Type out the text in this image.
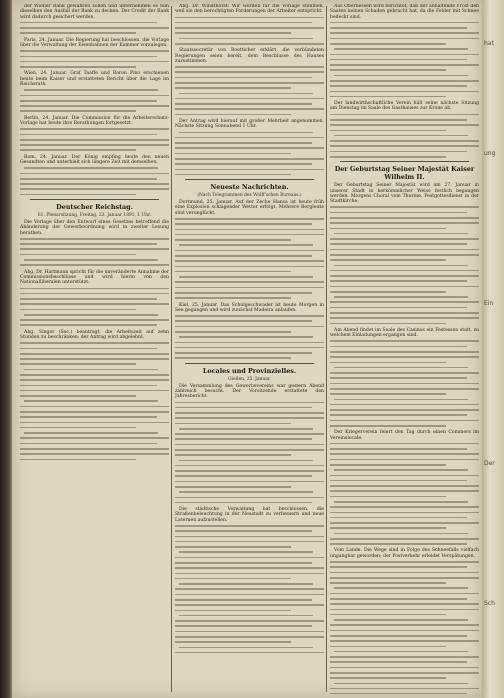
der Wiener Bank gewähren sollen und unternehmen es nun dieselben den Ausfall der Bank zu decken. Der Credit der Bank wird dadurch gesichert werden.

Paris, 24. Januar. Die Regierung hat beschlossen, die Vorlage über die Verwaltung der Eisenbahnen der Kammer vorzulegen.

Wien, 24. Januar. Graf Taaffe und Baron Pino erschienen heute beim Kaiser und erstatteten Bericht über die Lage im Reichsrath.

Berlin, 24. Januar. Die Commission für die Arbeiterschutz-Vorlage hat heute ihre Berathungen fortgesetzt.

Rom, 24. Januar. Der König empfing heute den neuen Gesandten und unterhielt sich längere Zeit mit demselben.

Deutscher Reichstag.
61. Plenarsitzung, Freitag, 23. Januar 1891, 1 Uhr.

Die Vorlage über den Entwurf eines Gesetzes betreffend die Abänderung der Gewerbeordnung wird in zweiter Lesung berathen.

Abg. Dr. Hartmann spricht für die unveränderte Annahme der Commissionsbeschlüsse und wird hierin von den Nationalliberalen unterstützt.

Abg. Singer (Soc.) beantragt, die Arbeitszeit auf zehn Stunden zu beschränken; der Antrag wird abgelehnt.

Abg. Dr. Windthorst: Wir werden für die Vorlage stimmen, weil sie den berechtigten Forderungen der Arbeiter entspricht.

Staatssecretär von Boetticher erklärt, die verbündeten Regierungen seien bereit, dem Beschlusse des Hauses zuzustimmen.

Der Antrag wird hierauf mit großer Mehrheit angenommen. Nächste Sitzung Sonnabend 1 Uhr.

Neueste Nachrichten.
(Nach Telegrammen des Wolff'schen Bureaus.)

Dortmund, 25. Januar. Auf der Zeche Hansa ist heute früh eine Explosion schlagender Wetter erfolgt. Mehrere Bergleute sind verunglückt.

Kiel, 25. Januar. Das Schulgeschwader ist heute Morgen in See gegangen und wird zunächst Madeira anlaufen.

Locales und Provinzielles.
Gießen, 25. Januar.

Die Versammlung des Gewerbevereins war gestern Abend zahlreich besucht. Der Vorsitzende erstattete den Jahresbericht.

Die städtische Verwaltung hat beschlossen, die Straßenbeleuchtung in der Neustadt zu verbessern und neue Laternen aufzustellen.

Aus Oberhessen wird berichtet, daß der anhaltende Frost den Saaten keinen Schaden gebracht hat, da die Felder mit Schnee bedeckt sind.

Der landwirthschaftliche Verein hält seine nächste Sitzung am Dienstag im Saale des Gasthauses zur Krone ab.

Der Geburtstag Seiner Majestät Kaiser Wilhelm II.

Der Geburtstag Seiner Majestät wird am 27. Januar in unserer Stadt in herkömmlicher Weise festlich begangen werden. Morgens Choral vom Thurme, Festgottesdienst in der Stadtkirche.

Am Abend findet im Saale des Casinos ein Festessen statt, zu welchem Einladungen ergangen sind.

Der Kriegerverein feiert den Tag durch einen Commers im Vereinslocale.

Vom Lande. Die Wege sind in Folge des Schneefalls vielfach ungangbar geworden; der Postverkehr erleidet Verspätungen.

hat
ung
Ein
Der
Sch
